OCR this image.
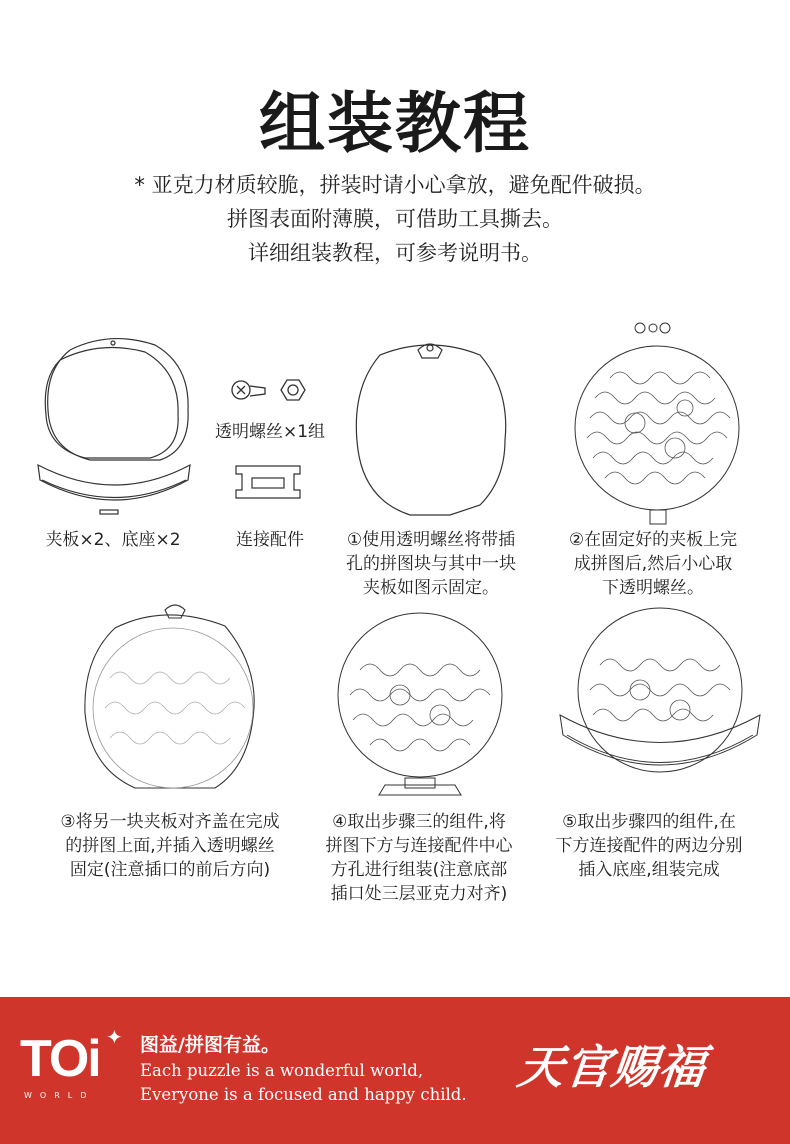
组装教程
* 亚克力材质较脆，拼装时请小心拿放，避免配件破损。
拼图表面附薄膜，可借助工具撕去。
详细组装教程，可参考说明书。
夹板×2、底座×2
透明螺丝×1组
连接配件	①使用透明螺丝将带插
孔的拼图块与其中一块
夹板如图示固定。
②在固定好的夹板上完
成拼图后,然后小心取
下透明螺丝。
③将另一块夹板对齐盖在完成
的拼图上面,并插入透明螺丝
固定(注意插口的前后方向)
④取出步骤三的组件,将
拼图下方与连接配件中心
方孔进行组装(注意底部
插口处三层亚克力对齐)
⑤取出步骤四的组件,在
下方连接配件的两边分别
插入底座,组装完成
TOi ✦
WORLD
图益/拼图有益。
Each puzzle is a wonderful world,
Everyone is a focused and happy child.
天官赐福
